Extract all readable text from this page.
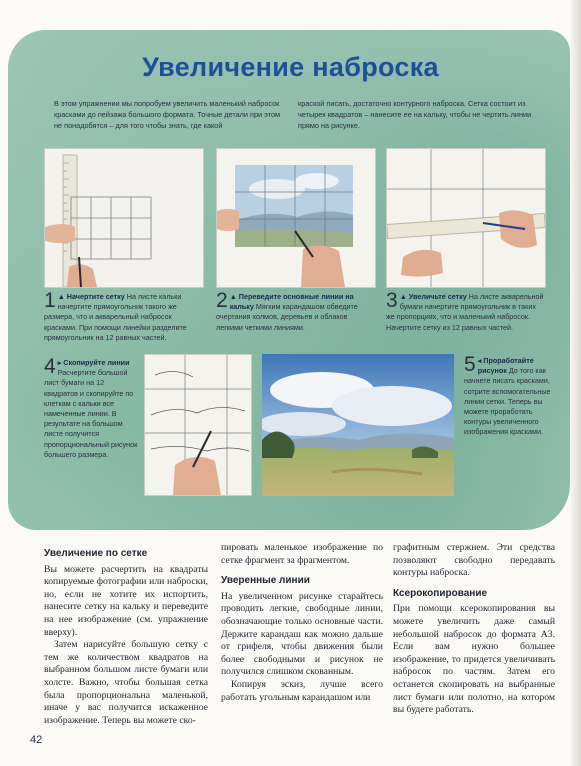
Увеличение наброска
В этом упражнении мы попробуем увеличить маленький набросок красками до пейзажа большого формата. Точные детали при этом не понадобятся – для того чтобы знать, где какой
краской писать, достаточно контурного наброска. Сетка состоит из четырех квадратов – нанесите ее на кальку, чтобы не чертить линии прямо на рисунке.
1 ▲ Начертите сетку На листе кальки начертите прямоугольник такого же размера, что и акварельный набросок красками. При помощи линейки разделите прямоугольник на 12 равных частей.
2 ▲ Переведите основные линии на кальку Мягким карандашом обведите очертания холмов, деревьев и облаков легкими четкими линиями.
3 ▲ Увеличьте сетку На листе акварельной бумаги начертите прямоугольник в таких же пропорциях, что и маленький набросок. Начертите сетку из 12 равных частей.
4 ▸ Скопируйте линии Расчертите большой лист бумаги на 12 квадратов и скопируйте по клеткам с кальки все намеченные линии. В результате на большом листе получится пропорциональный рисунок большего размера.
5 ◂ Проработайте рисунок До того как начнете писать красками, сотрите вспомогательные линии сетки. Теперь вы можете проработать контуры увеличенного изображения красками.
Увеличение по сетке

Вы можете расчертить на квадраты копируемые фотографии или наброски, но, если не хотите их испортить, нанесите сетку на кальку и переведите на нее изображение (см. упражнение вверху).

Затем нарисуйте большую сетку с тем же количеством квадратов на выбранном большом листе бумаги или холсте. Важно, чтобы большая сетка была пропорциональна маленькой, иначе у вас получится искаженное изображение. Теперь вы можете ско-

пировать маленькое изображение по сетке фрагмент за фрагментом.

Уверенные линии

На увеличенном рисунке старайтесь проводить легкие, свободные линии, обозначающие только основные части. Держите карандаш как можно дальше от грифеля, чтобы движения были более свободными и рисунок не получился слишком скованным.

Копируя эскиз, лучше всего работать угольным карандашом или

графитным стержнем. Эти средства позволяют свободно передавать контуры наброска.

Ксерокопирование

При помощи ксерокопирования вы можете увеличить даже самый небольшой набросок до формата А3. Если вам нужно большее изображение, то придется увеличивать набросок по частям. Затем его останется скопировать на выбранные лист бумаги или полотно, на котором вы будете работать.

42
